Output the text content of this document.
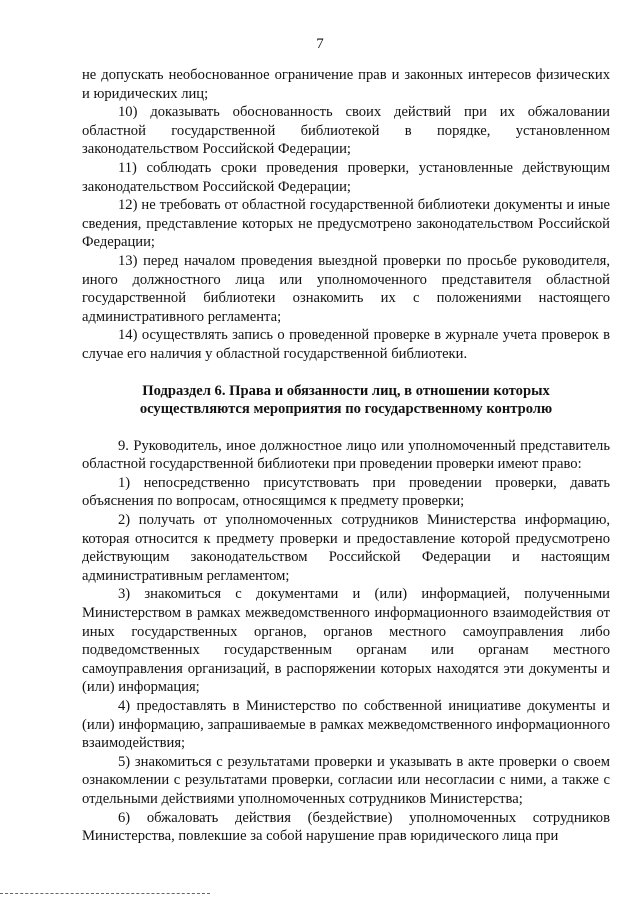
7

не допускать необоснованное ограничение прав и законных интересов физических и юридических лиц;

10) доказывать обоснованность своих действий при их обжаловании областной государственной библиотекой в порядке, установленном законодательством Российской Федерации;

11) соблюдать сроки проведения проверки, установленные действующим законодательством Российской Федерации;

12) не требовать от областной государственной библиотеки документы и иные сведения, представление которых не предусмотрено законодательством Российской Федерации;

13) перед началом проведения выездной проверки по просьбе руководителя, иного должностного лица или уполномоченного представителя областной государственной библиотеки ознакомить их с положениями настоящего административного регламента;

14) осуществлять запись о проведенной проверке в журнале учета проверок в случае его наличия у областной государственной библиотеки.

Подраздел 6. Права и обязанности лиц, в отношении которых
осуществляются мероприятия по государственному контролю

9. Руководитель, иное должностное лицо или уполномоченный представитель областной государственной библиотеки при проведении проверки имеют право:

1) непосредственно присутствовать при проведении проверки, давать объяснения по вопросам, относящимся к предмету проверки;

2) получать от уполномоченных сотрудников Министерства информацию, которая относится к предмету проверки и предоставление которой предусмотрено действующим законодательством Российской Федерации и настоящим административным регламентом;

3) знакомиться с документами и (или) информацией, полученными Министерством в рамках межведомственного информационного взаимодействия от иных государственных органов, органов местного самоуправления либо подведомственных государственным органам или органам местного самоуправления организаций, в распоряжении которых находятся эти документы и (или) информация;

4) предоставлять в Министерство по собственной инициативе документы и (или) информацию, запрашиваемые в рамках межведомственного информационного взаимодействия;

5) знакомиться с результатами проверки и указывать в акте проверки о своем ознакомлении с результатами проверки, согласии или несогласии с ними, а также с отдельными действиями уполномоченных сотрудников Министерства;

6) обжаловать действия (бездействие) уполномоченных сотрудников Министерства, повлекшие за собой нарушение прав юридического лица при
